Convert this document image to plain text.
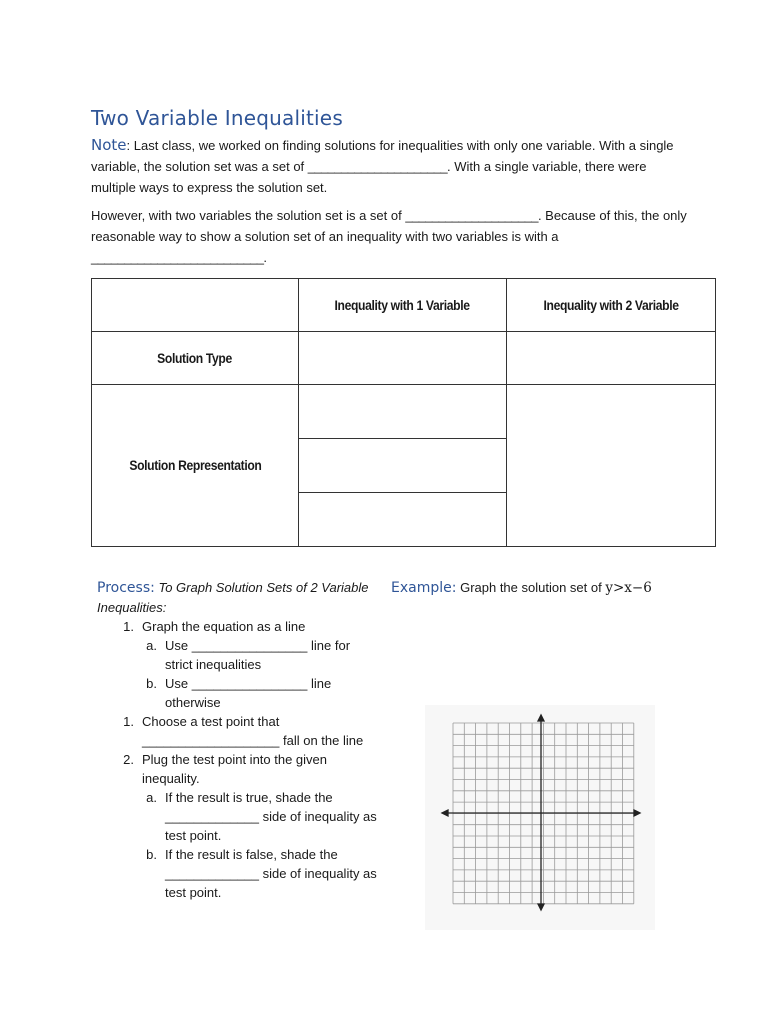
Two Variable Inequalities

Note: Last class, we worked on finding solutions for inequalities with only one variable. With a single variable, the solution set was a set of _____________________. With a single variable, there were multiple ways to express the solution set.

However, with two variables the solution set is a set of ____________________. Because of this, the only reasonable way to show a solution set of an inequality with two variables is with a __________________________.

	Inequality with 1 Variable	Inequality with 2 Variable
Solution Type		
Solution Representation		

Process: To Graph Solution Sets of 2 Variable Inequalities:
1. Graph the equation as a line
a. Use ________________ line for strict inequalities
b. Use ________________ line otherwise
1. Choose a test point that ___________________ fall on the line
2. Plug the test point into the given inequality.
a. If the result is true, shade the _____________ side of inequality as test point.
b. If the result is false, shade the _____________ side of inequality as test point.
Example: Graph the solution set of y>x−6
